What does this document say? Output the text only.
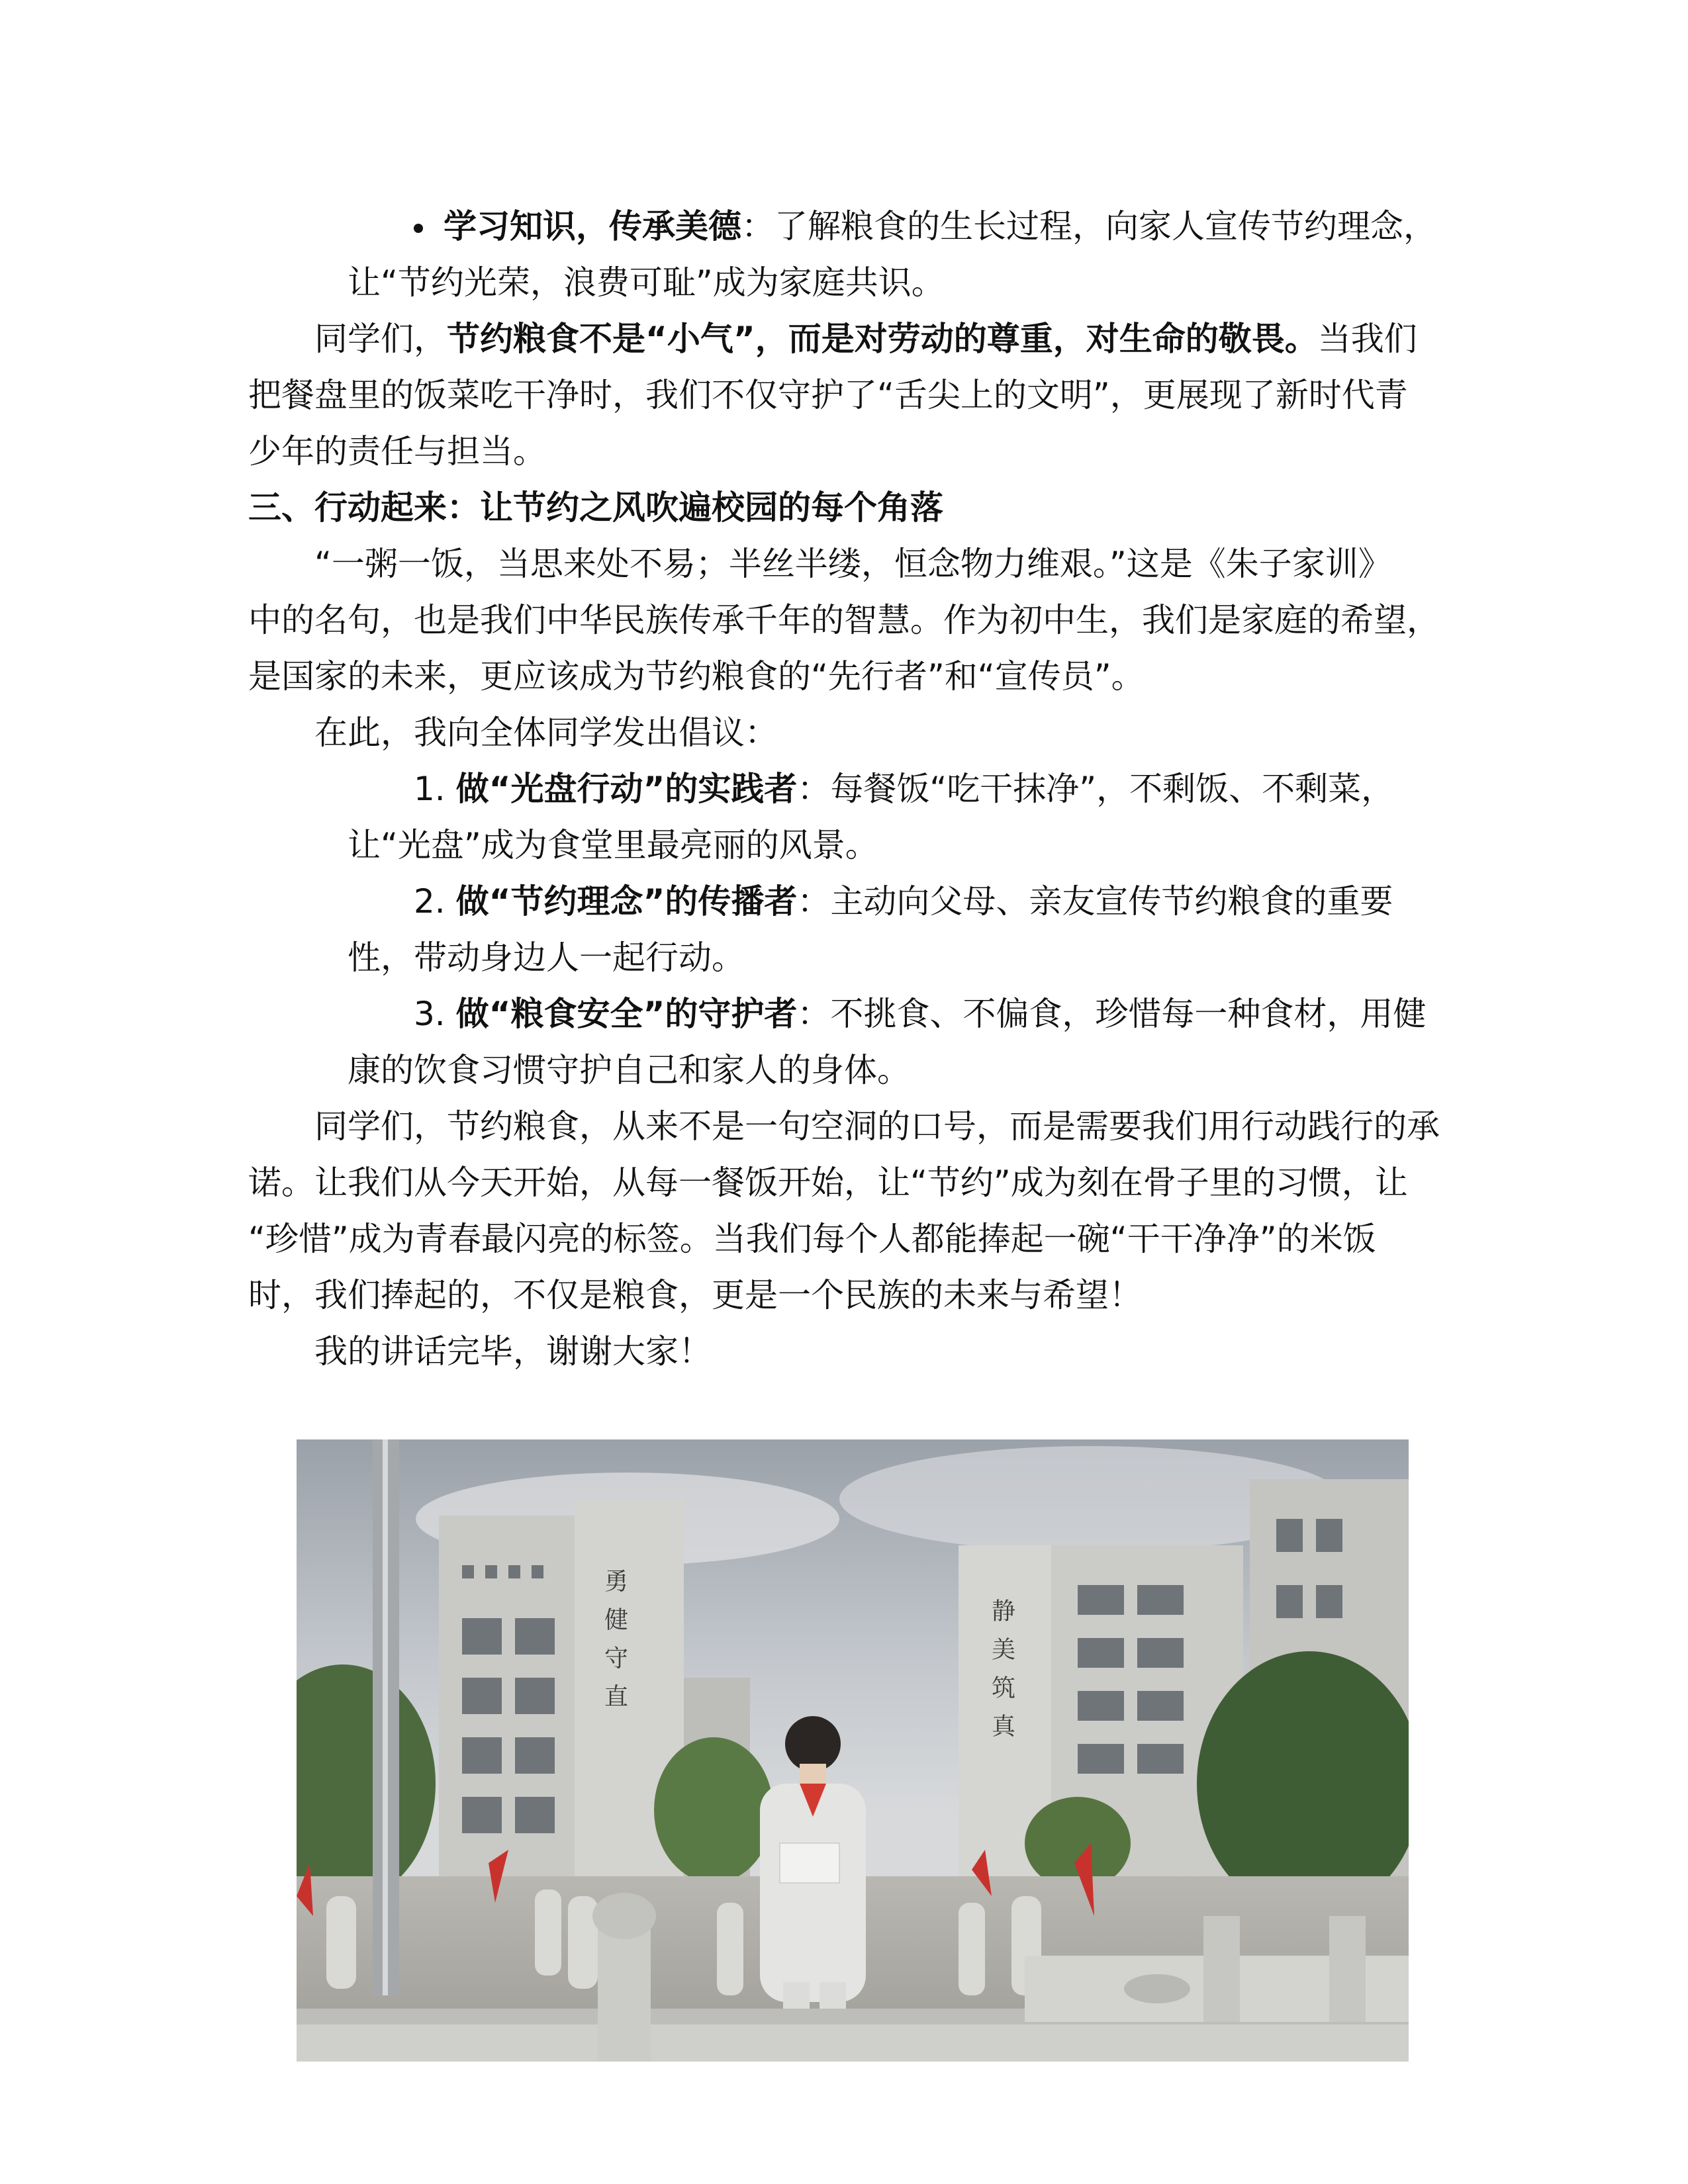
学习知识，传承美德：了解粮食的生长过程，向家人宣传节约理念，
让“节约光荣，浪费可耻”成为家庭共识。
同学们，节约粮食不是“小气”，而是对劳动的尊重，对生命的敬畏。当我们
把餐盘里的饭菜吃干净时，我们不仅守护了“舌尖上的文明”，更展现了新时代青
少年的责任与担当。
三、行动起来：让节约之风吹遍校园的每个角落
“一粥一饭，当思来处不易；半丝半缕，恒念物力维艰。”这是《朱子家训》
中的名句，也是我们中华民族传承千年的智慧。作为初中生，我们是家庭的希望，
是国家的未来，更应该成为节约粮食的“先行者”和“宣传员”。
在此，我向全体同学发出倡议：
1. 做“光盘行动”的实践者：每餐饭“吃干抹净”，不剩饭、不剩菜，
让“光盘”成为食堂里最亮丽的风景。
2. 做“节约理念”的传播者：主动向父母、亲友宣传节约粮食的重要
性，带动身边人一起行动。
3. 做“粮食安全”的守护者：不挑食、不偏食，珍惜每一种食材，用健
康的饮食习惯守护自己和家人的身体。
同学们，节约粮食，从来不是一句空洞的口号，而是需要我们用行动践行的承
诺。让我们从今天开始，从每一餐饭开始，让“节约”成为刻在骨子里的习惯，让
“珍惜”成为青春最闪亮的标签。当我们每个人都能捧起一碗“干干净净”的米饭
时，我们捧起的，不仅是粮食，更是一个民族的未来与希望！
我的讲话完毕，谢谢大家！
勇健守直	静美筑真
